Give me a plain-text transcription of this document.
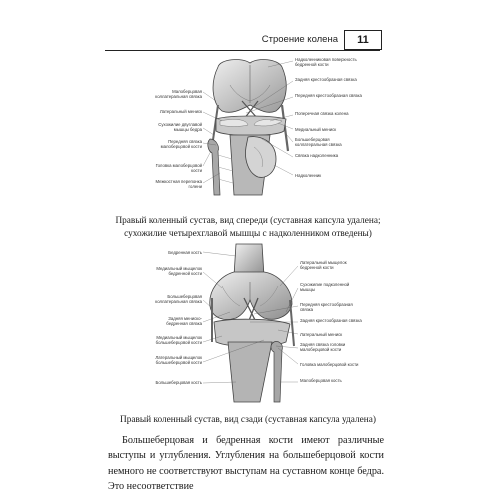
Строение колена	11
Малоберцовая коллатеральная связка
Латеральный мениск
Сухожилие двуглавой мышцы бедра
Передняя связка малоберцовой кости
Головка малоберцовой кости
Межкостная перепонка голени
Надколенниковая поверхность бедренной кости
Задняя крестообразная связка
Передняя крестообразная связка
Поперечная связка колена
Медиальный мениск
Большеберцовая коллатеральная связка
Связка надколенника
Надколенник
Правый коленный сустав, вид спереди (суставная капсула удалена; сухожилие четырехглавой мышцы с надколенником отведены)
Бедренная кость
Медиальный мыщелок бедренной кости
Большеберцовая коллатеральная связка
Задняя мениско-бедренная связка
Медиальный мыщелок большеберцовой кости
Латеральный мыщелок большеберцовой кости
Большеберцовая кость
Латеральный мыщелок бедренной кости
Сухожилие подколенной мышцы
Передняя крестообразная связка
Задняя крестообразная связка
Латеральный мениск
Задняя связка головки малоберцовой кости
Головка малоберцовой кости
Малоберцовая кость
Правый коленный сустав, вид сзади (суставная капсула удалена)
Большеберцовая и бедренная кости имеют различные выступы и углубления. Углубления на большеберцовой кости немного не соответствуют выступам на суставном конце бедра. Это несоответствие
